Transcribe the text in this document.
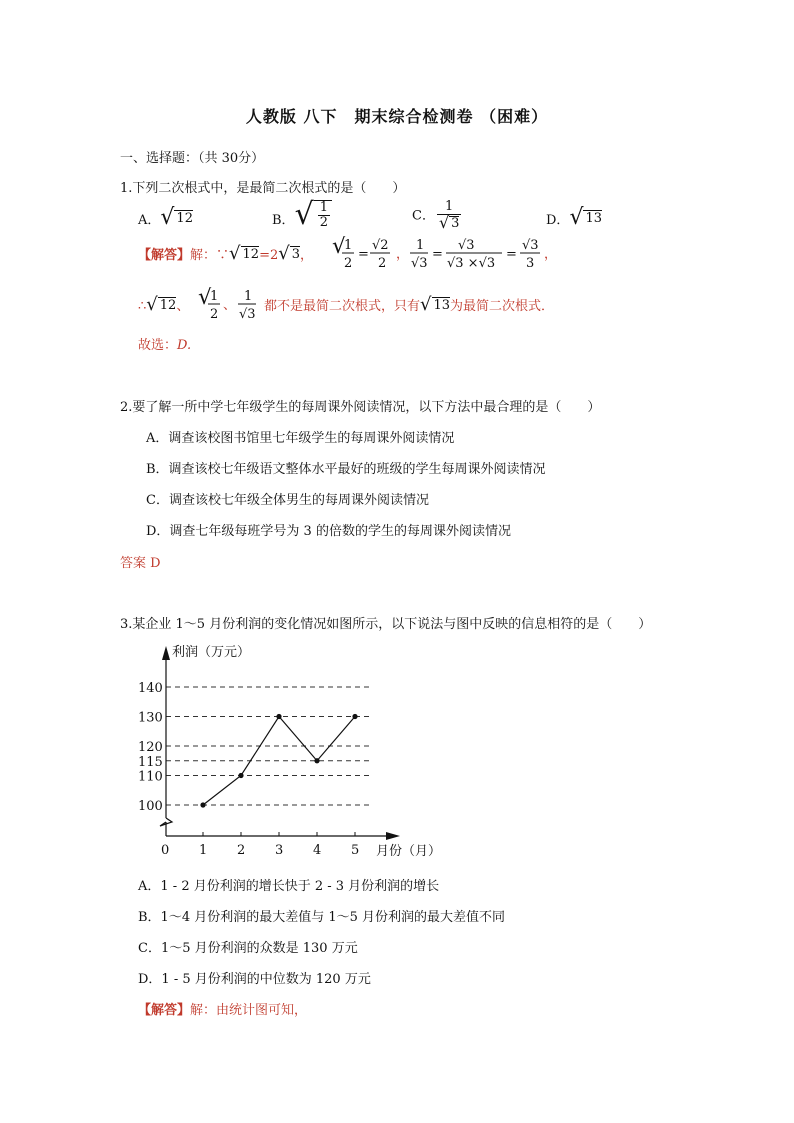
人教版 八下　期末综合检测卷 （困难）
一、选择题：（共 30分）
1.下列二次根式中，是最简二次根式的是（　　）
A． √ 12	B． √ $\frac{1}{2}$	C． $\frac{1}{√ 3}$	D． √ 13
【解答】解：∵ √ 12 =2 √ 3 ， √
1
2
=
√2
2
，
1
√3
=
√3
√3 ×√3
=
√3
3
，
∴ √ 12 、 √
1
2
、
1
√3
都不是最简二次根式，只有 √ 13 为最简二次根式．
故选：D.
2.要了解一所中学七年级学生的每周课外阅读情况，以下方法中最合理的是（　　）
A．调查该校图书馆里七年级学生的每周课外阅读情况
B．调查该校七年级语文整体水平最好的班级的学生每周课外阅读情况
C．调查该校七年级全体男生的每周课外阅读情况
D．调查七年级每班学号为 3 的倍数的学生的每周课外阅读情况
答案 D
3.某企业 1～5 月份利润的变化情况如图所示，以下说法与图中反映的信息相符的是（　　）
利润（万元）
月份（月）
0
100
110
115
120
130
140
1 2 3 4 5
A．1 - 2 月份利润的增长快于 2 - 3 月份利润的增长
B．1～4 月份利润的最大差值与 1～5 月份利润的最大差值不同
C．1～5 月份利润的众数是 130 万元
D．1 - 5 月份利润的中位数为 120 万元
【解答】解：由统计图可知，
